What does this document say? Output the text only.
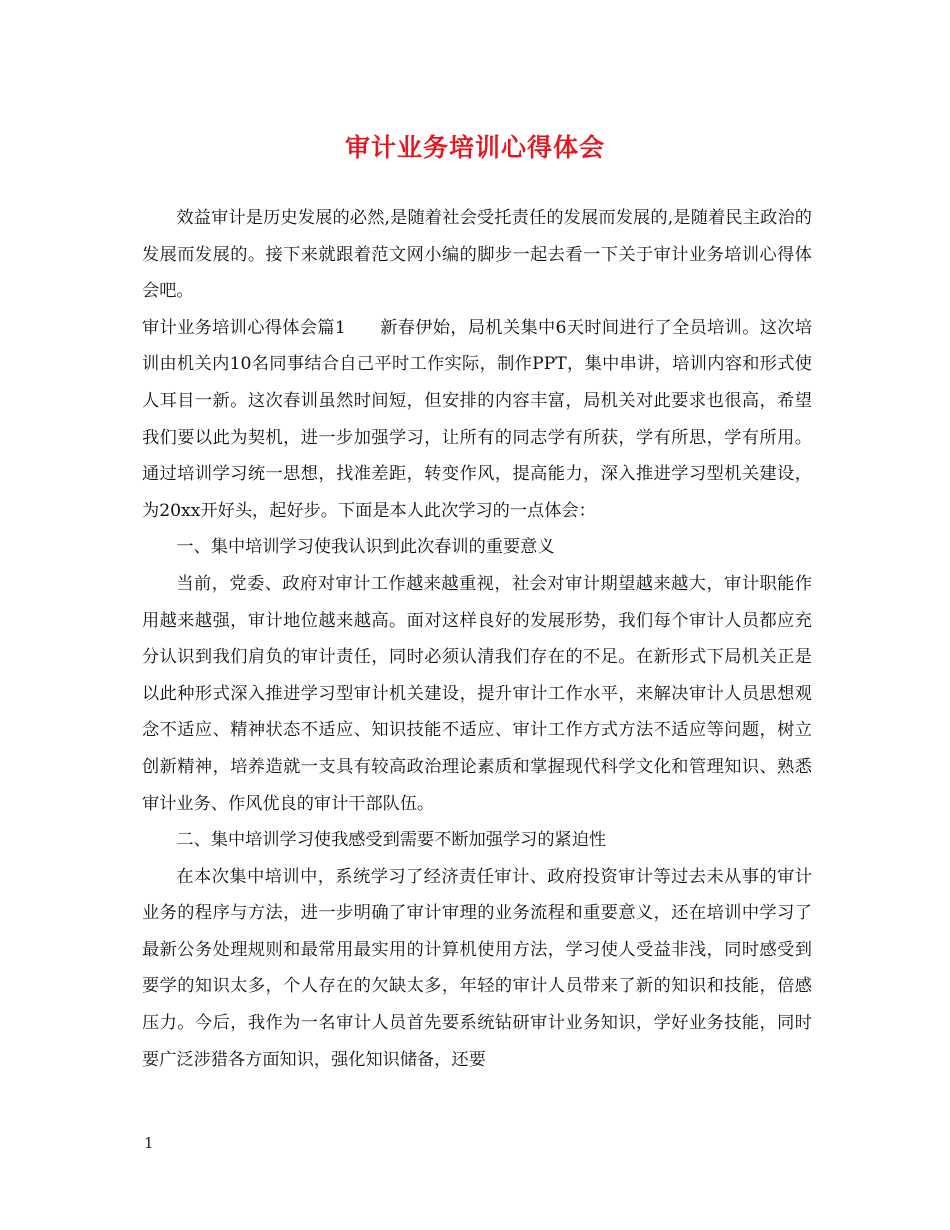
审计业务培训心得体会

效益审计是历史发展的必然,是随着社会受托责任的发展而发展的,是随着民主政治的发展而发展的。接下来就跟着范文网小编的脚步一起去看一下关于审计业务培训心得体会吧。

审计业务培训心得体会篇1 新春伊始，局机关集中6天时间进行了全员培训。这次培训由机关内10名同事结合自己平时工作实际，制作PPT，集中串讲，培训内容和形式使人耳目一新。这次春训虽然时间短，但安排的内容丰富，局机关对此要求也很高，希望我们要以此为契机，进一步加强学习，让所有的同志学有所获，学有所思，学有所用。通过培训学习统一思想，找准差距，转变作风，提高能力，深入推进学习型机关建设，为20xx开好头，起好步。下面是本人此次学习的一点体会：

一、集中培训学习使我认识到此次春训的重要意义

当前，党委、政府对审计工作越来越重视，社会对审计期望越来越大，审计职能作用越来越强，审计地位越来越高。面对这样良好的发展形势，我们每个审计人员都应充分认识到我们肩负的审计责任，同时必须认清我们存在的不足。在新形式下局机关正是以此种形式深入推进学习型审计机关建设，提升审计工作水平，来解决审计人员思想观念不适应、精神状态不适应、知识技能不适应、审计工作方式方法不适应等问题，树立创新精神，培养造就一支具有较高政治理论素质和掌握现代科学文化和管理知识、熟悉审计业务、作风优良的审计干部队伍。

二、集中培训学习使我感受到需要不断加强学习的紧迫性

在本次集中培训中，系统学习了经济责任审计、政府投资审计等过去未从事的审计业务的程序与方法，进一步明确了审计审理的业务流程和重要意义，还在培训中学习了最新公务处理规则和最常用最实用的计算机使用方法，学习使人受益非浅，同时感受到要学的知识太多，个人存在的欠缺太多，年轻的审计人员带来了新的知识和技能，倍感压力。今后，我作为一名审计人员首先要系统钻研审计业务知识，学好业务技能，同时要广泛涉猎各方面知识，强化知识储备，还要

1
